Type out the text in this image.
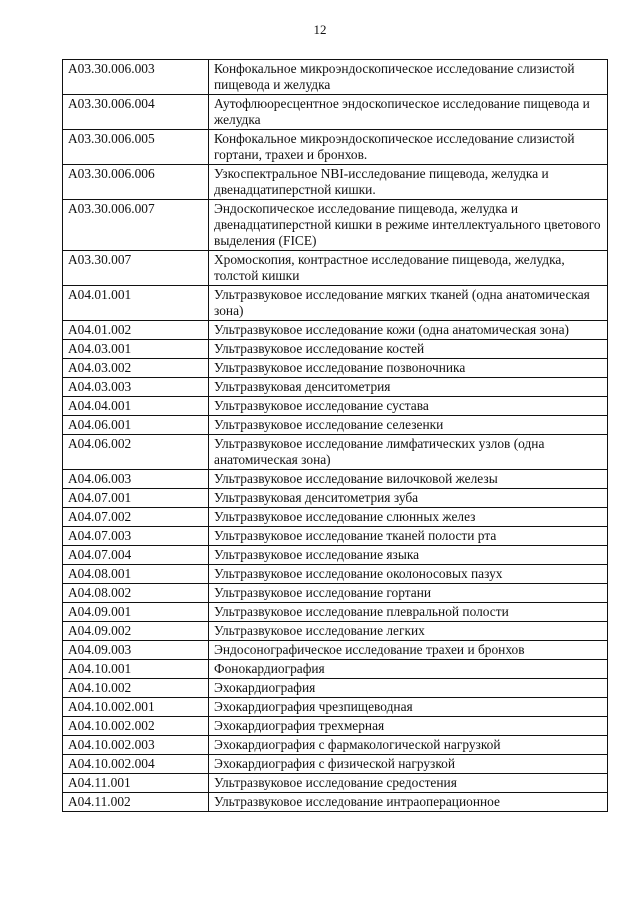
12
A03.30.006.003	Конфокальное микроэндоскопическое исследование слизистой пищевода и желудка
A03.30.006.004	Аутофлюоресцентное эндоскопическое исследование пищевода и желудка
A03.30.006.005	Конфокальное микроэндоскопическое исследование слизистой гортани, трахеи и бронхов.
A03.30.006.006	Узкоспектральное NBI-исследование пищевода, желудка и двенадцатиперстной кишки.
A03.30.006.007	Эндоскопическое исследование пищевода, желудка и двенадцатиперстной кишки в режиме интеллектуального цветового выделения (FICE)
A03.30.007	Хромоскопия, контрастное исследование пищевода, желудка, толстой кишки
A04.01.001	Ультразвуковое исследование мягких тканей (одна анатомическая зона)
A04.01.002	Ультразвуковое исследование кожи (одна анатомическая зона)
A04.03.001	Ультразвуковое исследование костей
A04.03.002	Ультразвуковое исследование позвоночника
A04.03.003	Ультразвуковая денситометрия
A04.04.001	Ультразвуковое исследование сустава
A04.06.001	Ультразвуковое исследование селезенки
A04.06.002	Ультразвуковое исследование лимфатических узлов (одна анатомическая зона)
A04.06.003	Ультразвуковое исследование вилочковой железы
A04.07.001	Ультразвуковая денситометрия зуба
A04.07.002	Ультразвуковое исследование слюнных желез
A04.07.003	Ультразвуковое исследование тканей полости рта
A04.07.004	Ультразвуковое исследование языка
A04.08.001	Ультразвуковое исследование околоносовых пазух
A04.08.002	Ультразвуковое исследование гортани
A04.09.001	Ультразвуковое исследование плевральной полости
A04.09.002	Ультразвуковое исследование легких
A04.09.003	Эндосонографическое исследование трахеи и бронхов
A04.10.001	Фонокардиография
A04.10.002	Эхокардиография
A04.10.002.001	Эхокардиография чрезпищеводная
A04.10.002.002	Эхокардиография трехмерная
A04.10.002.003	Эхокардиография с фармакологической нагрузкой
A04.10.002.004	Эхокардиография с физической нагрузкой
A04.11.001	Ультразвуковое исследование средостения
A04.11.002	Ультразвуковое исследование интраоперационное
